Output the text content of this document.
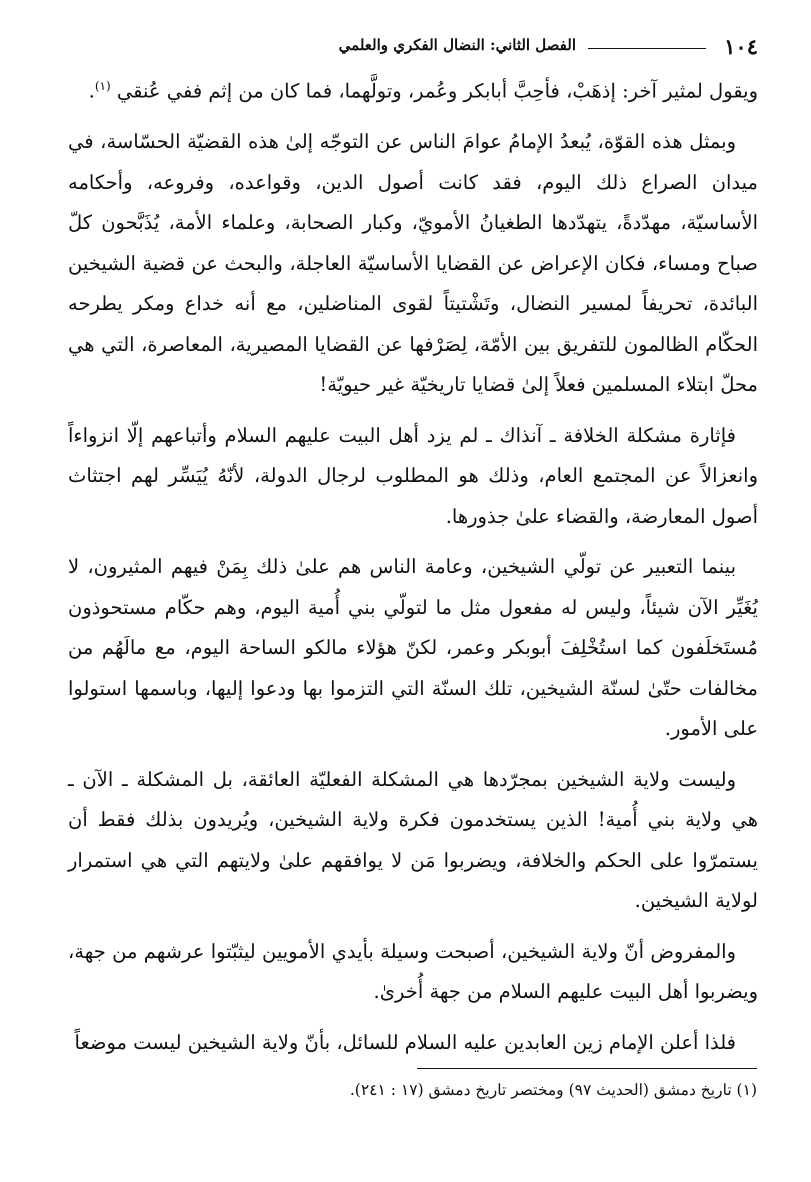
١٠٤
الفصل الثاني: النضال الفكري والعلمي

ويقول لمثير آخر: إذهَبْ، فأحِبَّ أبابكر وعُمر، وتولَّهما، فما كان من إثم ففي عُنقي $^{(١)}$.

وبمثل هذه القوّة، يُبعدُ الإمامُ عوامَ الناس عن التوجّه إلىٰ هذه القضيّة الحسّاسة، في ميدان الصراع ذلك اليوم، فقد كانت أصول الدين، وقواعده، وفروعه، وأحكامه الأساسيّة، مهدّدةً، يتهدّدها الطغيانُ الأمويّ، وكبار الصحابة، وعلماء الأمة، يُذَبَّحون كلّ صباح ومساء، فكان الإعراض عن القضايا الأساسيّة العاجلة، والبحث عن قضية الشيخين البائدة، تحريفاً لمسير النضال، وتَشْتيتاً لقوى المناضلين، مع أنه خداع ومكر يطرحه الحكّام الظالمون للتفريق بين الأمّة، لِصَرْفها عن القضايا المصيرية، المعاصرة، التي هي محلّ ابتلاء المسلمين فعلاً إلىٰ قضايا تاريخيّة غير حيويّة!

فإثارة مشكلة الخلافة ـ آنذاك ـ لم يزد أهل البيت عليهم السلام وأتباعهم إلّا انزواءاً وانعزالاً عن المجتمع العام، وذلك هو المطلوب لرجال الدولة، لأنّهُ يُيَسِّر لهم اجتثاث أصول المعارضة، والقضاء علىٰ جذورها.

بينما التعبير عن تولّي الشيخين، وعامة الناس هم علىٰ ذلك بِمَنْ فيهم المثيرون، لا يُغَيِّر الآن شيئاً، وليس له مفعول مثل ما لتولّي بني أُمية اليوم، وهم حكّام مستحوذون مُستَخلَفون كما استُخْلِفَ أبوبكر وعمر، لكنّ هؤلاء مالكو الساحة اليوم، مع مالَهُم من مخالفات حتّىٰ لسنّة الشيخين، تلك السنّة التي التزموا بها ودعوا إليها، وباسمها استولوا على الأمور.

وليست ولاية الشيخين بمجرّدها هي المشكلة الفعليّة العائقة، بل المشكلة ـ الآن ـ هي ولاية بني أُمية! الذين يستخدمون فكرة ولاية الشيخين، ويُريدون بذلك فقط أن يستمرّوا على الحكم والخلافة، ويضربوا مَن لا يوافقهم علىٰ ولايتهم التي هي استمرار لولاية الشيخين.

والمفروض أنّ ولاية الشيخين، أصبحت وسيلة بأيدي الأمويين ليثبّتوا عرشهم من جهة، ويضربوا أهل البيت عليهم السلام من جهة أُخرىٰ.

فلذا أعلن الإمام زين العابدين عليه السلام للسائل، بأنّ ولاية الشيخين ليست موضعاً

(١) تاريخ دمشق (الحديث ٩٧) ومختصر تاريخ دمشق (١٧ : ٢٤١).
